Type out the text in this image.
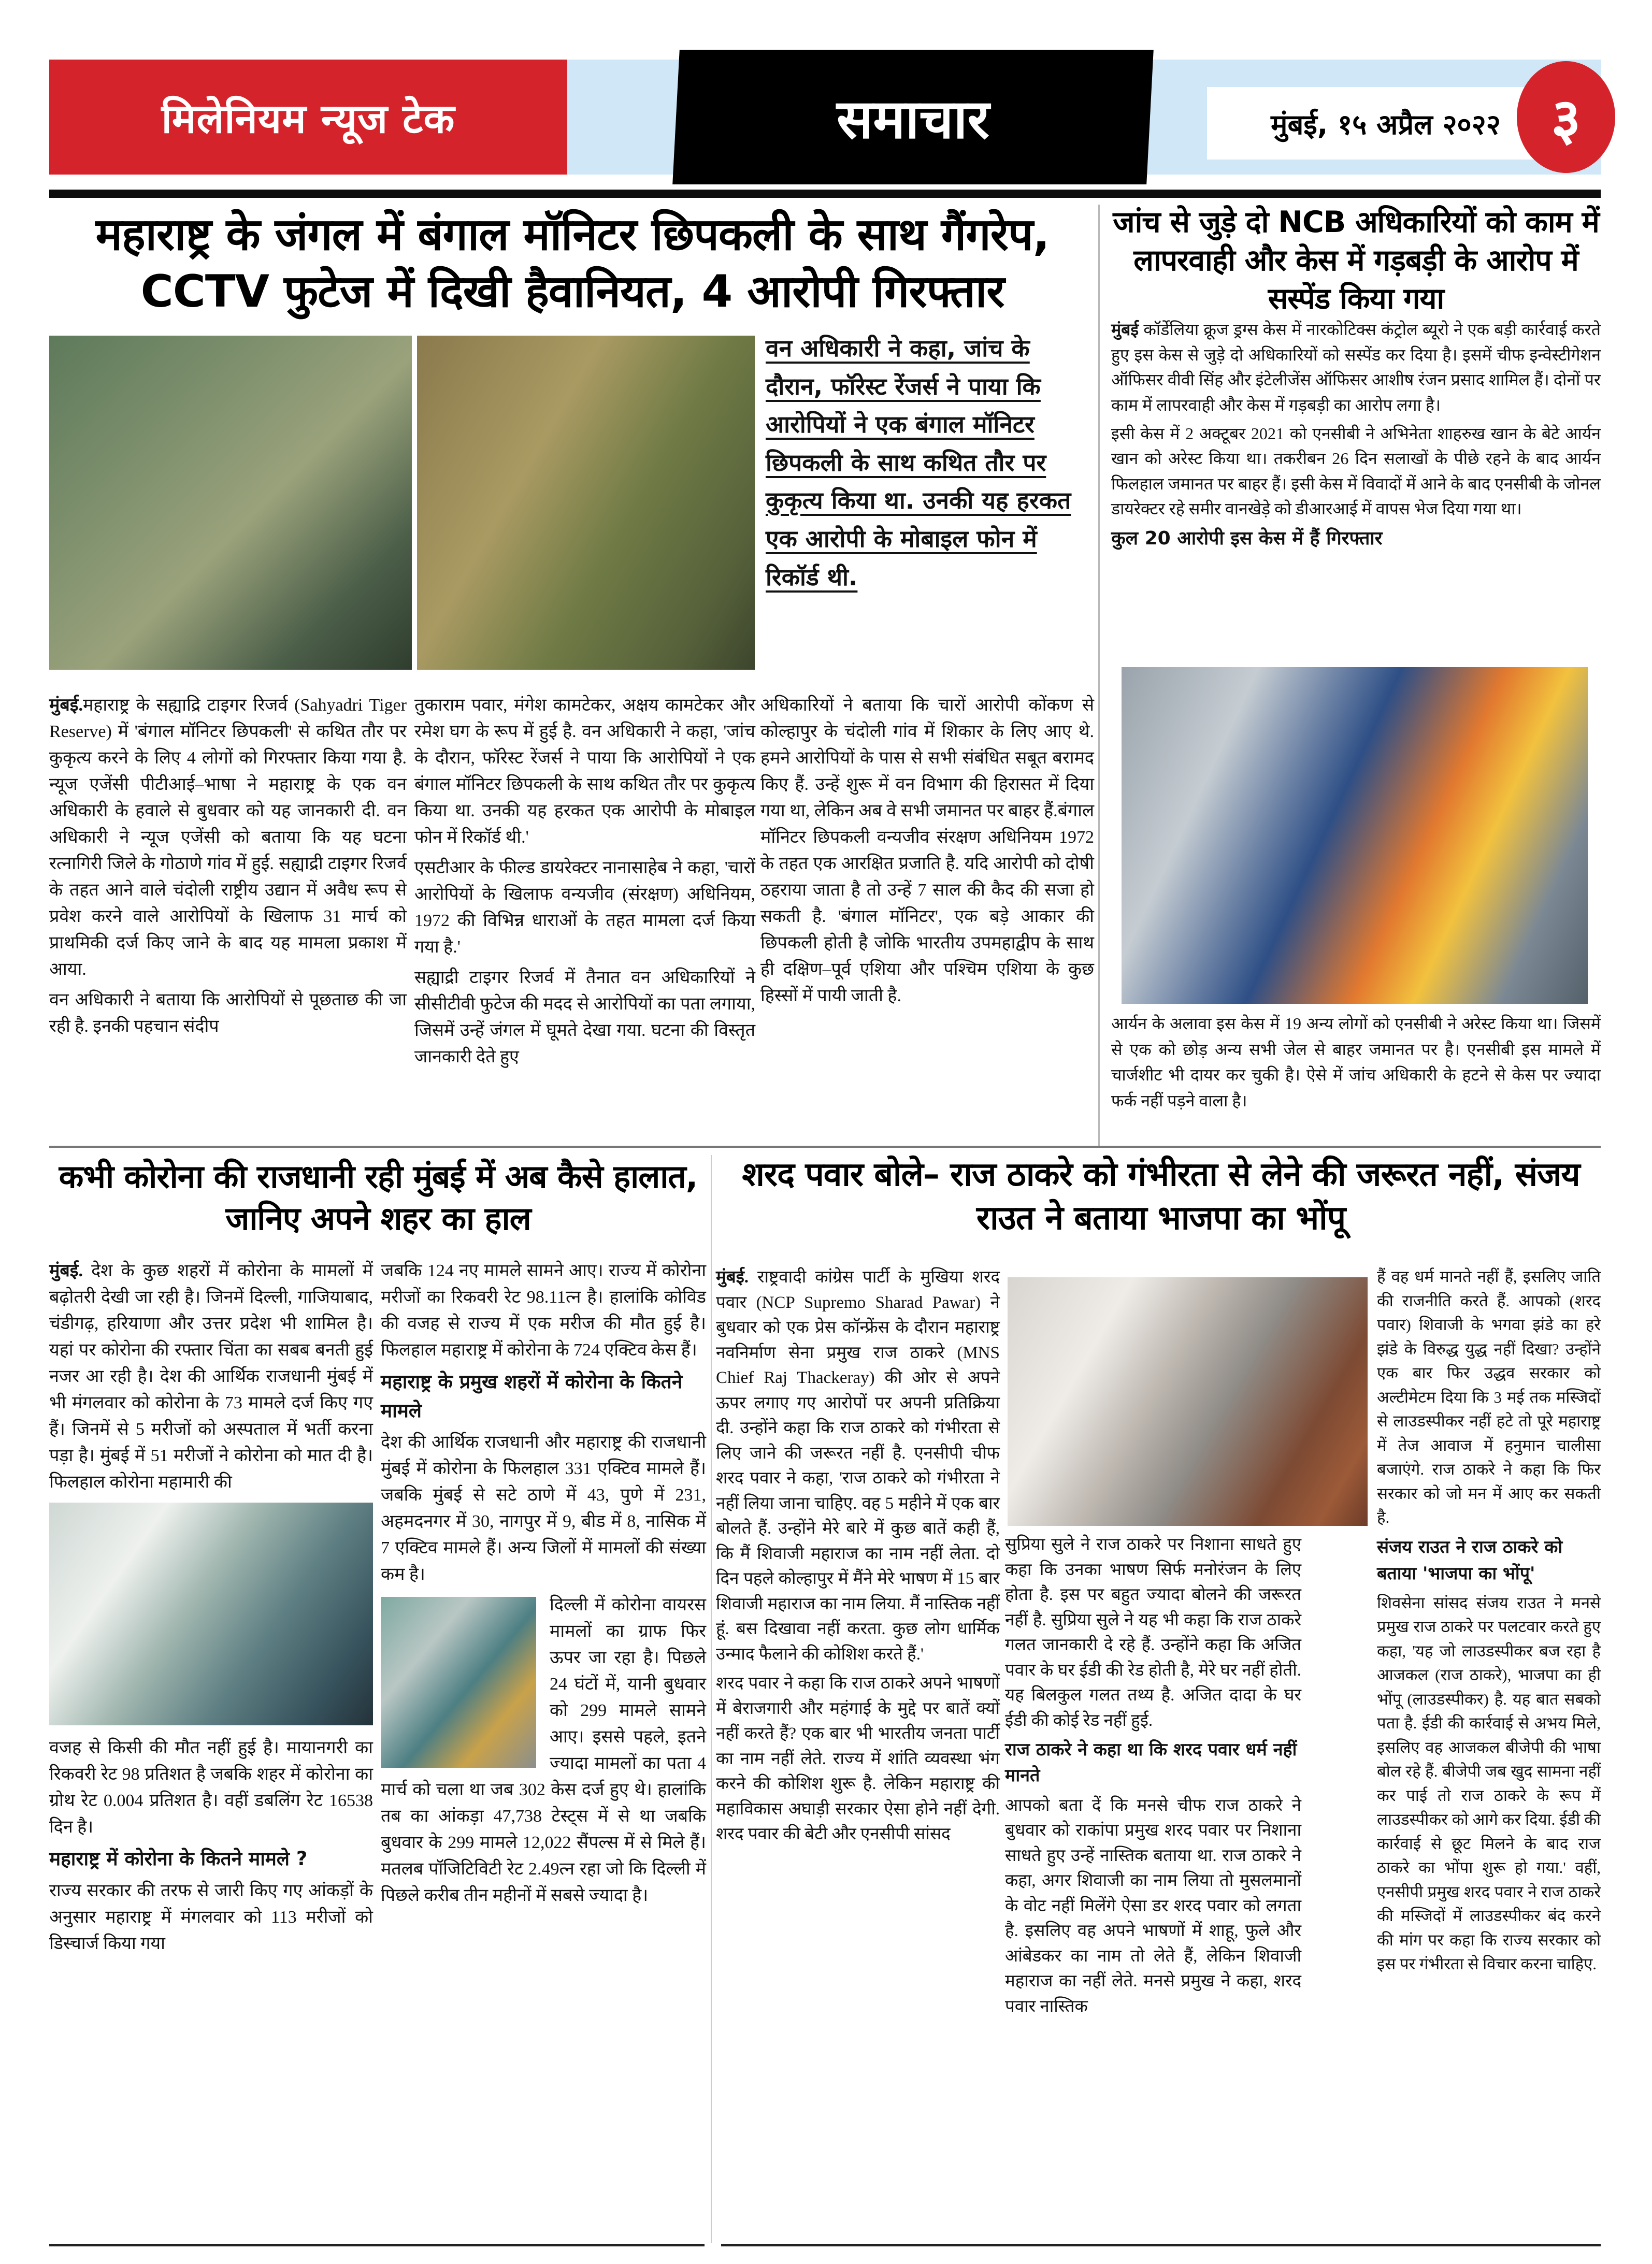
मिलेनियम न्यूज टेक	समाचार	मुंबई, १५ अप्रैल २०२२ ३
महाराष्ट्र के जंगल में बंगाल मॉनिटर छिपकली के साथ गैंगरेप, CCTV फुटेज में दिखी हैवानियत, 4 आरोपी गिरफ्तार
वन अधिकारी ने कहा, जांच के दौरान, फॉरेस्ट रेंजर्स ने पाया कि आरोपियों ने एक बंगाल मॉनिटर छिपकली के साथ कथित तौर पर कुकृत्य किया था. उनकी यह हरकत एक आरोपी के मोबाइल फोन में रिकॉर्ड थी.

मुंबई.महाराष्ट्र के सह्याद्रि टाइगर रिजर्व (Sahyadri Tiger Reserve) में 'बंगाल मॉनिटर छिपकली' से कथित तौर पर कुकृत्य करने के लिए 4 लोगों को गिरफ्तार किया गया है. न्यूज एजेंसी पीटीआई–भाषा ने महाराष्ट्र के एक वन अधिकारी के हवाले से बुधवार को यह जानकारी दी. वन अधिकारी ने न्यूज एजेंसी को बताया कि यह घटना रत्नागिरी जिले के गोठाणे गांव में हुई. सह्याद्री टाइगर रिजर्व के तहत आने वाले चंदोली राष्ट्रीय उद्यान में अवैध रूप से प्रवेश करने वाले आरोपियों के खिलाफ 31 मार्च को प्राथमिकी दर्ज किए जाने के बाद यह मामला प्रकाश में आया.

वन अधिकारी ने बताया कि आरोपियों से पूछताछ की जा रही है. इनकी पहचान संदीप

तुकाराम पवार, मंगेश कामटेकर, अक्षय कामटेकर और रमेश घग के रूप में हुई है. वन अधिकारी ने कहा, 'जांच के दौरान, फॉरेस्ट रेंजर्स ने पाया कि आरोपियों ने एक बंगाल मॉनिटर छिपकली के साथ कथित तौर पर कुकृत्य किया था. उनकी यह हरकत एक आरोपी के मोबाइल फोन में रिकॉर्ड थी.'

एसटीआर के फील्ड डायरेक्टर नानासाहेब ने कहा, 'चारों आरोपियों के खिलाफ वन्यजीव (संरक्षण) अधिनियम, 1972 की विभिन्न धाराओं के तहत मामला दर्ज किया गया है.'

सह्याद्री टाइगर रिजर्व में तैनात वन अधिकारियों ने सीसीटीवी फुटेज की मदद से आरोपियों का पता लगाया, जिसमें उन्हें जंगल में घूमते देखा गया. घटना की विस्तृत जानकारी देते हुए

अधिकारियों ने बताया कि चारों आरोपी कोंकण से कोल्हापुर के चंदोली गांव में शिकार के लिए आए थे. हमने आरोपियों के पास से सभी संबंधित सबूत बरामद किए हैं. उन्हें शुरू में वन विभाग की हिरासत में दिया गया था, लेकिन अब वे सभी जमानत पर बाहर हैं.बंगाल मॉनिटर छिपकली वन्यजीव संरक्षण अधिनियम 1972 के तहत एक आरक्षित प्रजाति है. यदि आरोपी को दोषी ठहराया जाता है तो उन्हें 7 साल की कैद की सजा हो सकती है. 'बंगाल मॉनिटर', एक बड़े आकार की छिपकली होती है जोकि भारतीय उपमहाद्वीप के साथ ही दक्षिण–पूर्व एशिया और पश्चिम एशिया के कुछ हिस्सों में पायी जाती है.

जांच से जुड़े दो NCB अधिकारियों को काम में लापरवाही और केस में गड़बड़ी के आरोप में सस्पेंड किया गया

मुंबई कॉर्डेलिया क्रूज ड्रग्स केस में नारकोटिक्स कंट्रोल ब्यूरो ने एक बड़ी कार्रवाई करते हुए इस केस से जुड़े दो अधिकारियों को सस्पेंड कर दिया है। इसमें चीफ इन्वेस्टीगेशन ऑफिसर वीवी सिंह और इंटेलीजेंस ऑफिसर आशीष रंजन प्रसाद शामिल हैं। दोनों पर काम में लापरवाही और केस में गड़बड़ी का आरोप लगा है।

इसी केस में 2 अक्टूबर 2021 को एनसीबी ने अभिनेता शाहरुख खान के बेटे आर्यन खान को अरेस्ट किया था। तकरीबन 26 दिन सलाखों के पीछे रहने के बाद आर्यन फिलहाल जमानत पर बाहर हैं। इसी केस में विवादों में आने के बाद एनसीबी के जोनल डायरेक्टर रहे समीर वानखेड़े को डीआरआई में वापस भेज दिया गया था।

कुल 20 आरोपी इस केस में हैं गिरफ्तार

आर्यन के अलावा इस केस में 19 अन्य लोगों को एनसीबी ने अरेस्ट किया था। जिसमें से एक को छोड़ अन्य सभी जेल से बाहर जमानत पर है। एनसीबी इस मामले में चार्जशीट भी दायर कर चुकी है। ऐसे में जांच अधिकारी के हटने से केस पर ज्यादा फर्क नहीं पड़ने वाला है।
कभी कोरोना की राजधानी रही मुंबई में अब कैसे हालात, जानिए अपने शहर का हाल

मुंबई. देश के कुछ शहरों में कोरोना के मामलों में बढ़ोतरी देखी जा रही है। जिनमें दिल्ली, गाजियाबाद, चंडीगढ़, हरियाणा और उत्तर प्रदेश भी शामिल है। यहां पर कोरोना की रफ्तार चिंता का सबब बनती हुई नजर आ रही है। देश की आर्थिक राजधानी मुंबई में भी मंगलवार को कोरोना के 73 मामले दर्ज किए गए हैं। जिनमें से 5 मरीजों को अस्पताल में भर्ती करना पड़ा है। मुंबई में 51 मरीजों ने कोरोना को मात दी है। फिलहाल कोरोना महामारी की

वजह से किसी की मौत नहीं हुई है। मायानगरी का रिकवरी रेट 98 प्रतिशत है जबकि शहर में कोरोना का ग्रोथ रेट 0.004 प्रतिशत है। वहीं डबलिंग रेट 16538 दिन है।

महाराष्ट्र में कोरोना के कितने मामले ?

राज्य सरकार की तरफ से जारी किए गए आंकड़ों के अनुसार महाराष्ट्र में मंगलवार को 113 मरीजों को डिस्चार्ज किया गया

जबकि 124 नए मामले सामने आए। राज्य में कोरोना मरीजों का रिकवरी रेट 98.11त्न है। हालांकि कोविड की वजह से राज्य में एक मरीज की मौत हुई है। फिलहाल महाराष्ट्र में कोरोना के 724 एक्टिव केस हैं।

महाराष्ट्र के प्रमुख शहरों में कोरोना के कितने मामले

देश की आर्थिक राजधानी और महाराष्ट्र की राजधानी मुंबई में कोरोना के फिलहाल 331 एक्टिव मामले हैं। जबकि मुंबई से सटे ठाणे में 43, पुणे में 231, अहमदनगर में 30, नागपुर में 9, बीड में 8, नासिक में 7 एक्टिव मामले हैं। अन्य जिलों में मामलों की संख्या कम है।

दिल्ली में कोरोना वायरस मामलों का ग्राफ फिर ऊपर जा रहा है। पिछले 24 घंटों में, यानी बुधवार को 299 मामले सामने आए। इससे पहले, इतने ज्यादा मामलों का पता 4 मार्च को चला था जब 302 केस दर्ज हुए थे। हालांकि तब का आंकड़ा 47,738 टेस्ट्स में से था जबकि बुधवार के 299 मामले 12,022 सैंपल्स में से मिले हैं। मतलब पॉजिटिविटी रेट 2.49त्न रहा जो कि दिल्ली में पिछले करीब तीन महीनों में सबसे ज्यादा है।

शरद पवार बोले– राज ठाकरे को गंभीरता से लेने की जरूरत नहीं, संजय राउत ने बताया भाजपा का भोंपू

मुंबई. राष्ट्रवादी कांग्रेस पार्टी के मुखिया शरद पवार (NCP Supremo Sharad Pawar) ने बुधवार को एक प्रेस कॉन्फ्रेंस के दौरान महाराष्ट्र नवनिर्माण सेना प्रमुख राज ठाकरे (MNS Chief Raj Thackeray) की ओर से अपने ऊपर लगाए गए आरोपों पर अपनी प्रतिक्रिया दी. उन्होंने कहा कि राज ठाकरे को गंभीरता से लिए जाने की जरूरत नहीं है. एनसीपी चीफ शरद पवार ने कहा, 'राज ठाकरे को गंभीरता ने नहीं लिया जाना चाहिए. वह 5 महीने में एक बार बोलते हैं. उन्होंने मेरे बारे में कुछ बातें कही हैं, कि मैं शिवाजी महाराज का नाम नहीं लेता. दो दिन पहले कोल्हापुर में मैंने मेरे भाषण में 15 बार शिवाजी महाराज का नाम लिया. मैं नास्तिक नहीं हूं. बस दिखावा नहीं करता. कुछ लोग धार्मिक उन्माद फैलाने की कोशिश करते हैं.'

शरद पवार ने कहा कि राज ठाकरे अपने भाषणों में बेराजगारी और महंगाई के मुद्दे पर बातें क्यों नहीं करते हैं? एक बार भी भारतीय जनता पार्टी का नाम नहीं लेते. राज्य में शांति व्यवस्था भंग करने की कोशिश शुरू है. लेकिन महाराष्ट्र की महाविकास अघाड़ी सरकार ऐसा होने नहीं देगी. शरद पवार की बेटी और एनसीपी सांसद

सुप्रिया सुले ने राज ठाकरे पर निशाना साधते हुए कहा कि उनका भाषण सिर्फ मनोरंजन के लिए होता है. इस पर बहुत ज्यादा बोलने की जरूरत नहीं है. सुप्रिया सुले ने यह भी कहा कि राज ठाकरे गलत जानकारी दे रहे हैं. उन्होंने कहा कि अजित पवार के घर ईडी की रेड होती है, मेरे घर नहीं होती. यह बिलकुल गलत तथ्य है. अजित दादा के घर ईडी की कोई रेड नहीं हुई.

राज ठाकरे ने कहा था कि शरद पवार धर्म नहीं मानते

आपको बता दें कि मनसे चीफ राज ठाकरे ने बुधवार को राकांपा प्रमुख शरद पवार पर निशाना साधते हुए उन्हें नास्तिक बताया था. राज ठाकरे ने कहा, अगर शिवाजी का नाम लिया तो मुसलमानों के वोट नहीं मिलेंगे ऐसा डर शरद पवार को लगता है. इसलिए वह अपने भाषणों में शाहू, फुले और आंबेडकर का नाम तो लेते हैं, लेकिन शिवाजी महाराज का नहीं लेते. मनसे प्रमुख ने कहा, शरद पवार नास्तिक

हैं वह धर्म मानते नहीं हैं, इसलिए जाति की राजनीति करते हैं. आपको (शरद पवार) शिवाजी के भगवा झंडे का हरे झंडे के विरुद्ध युद्ध नहीं दिखा? उन्होंने एक बार फिर उद्धव सरकार को अल्टीमेटम दिया कि 3 मई तक मस्जिदों से लाउडस्पीकर नहीं हटे तो पूरे महाराष्ट्र में तेज आवाज में हनुमान चालीसा बजाएंगे. राज ठाकरे ने कहा कि फिर सरकार को जो मन में आए कर सकती है.

संजय राउत ने राज ठाकरे को बताया 'भाजपा का भोंपू'

शिवसेना सांसद संजय राउत ने मनसे प्रमुख राज ठाकरे पर पलटवार करते हुए कहा, 'यह जो लाउडस्पीकर बज रहा है आजकल (राज ठाकरे), भाजपा का ही भोंपू (लाउडस्पीकर) है. यह बात सबको पता है. ईडी की कार्रवाई से अभय मिले, इसलिए वह आजकल बीजेपी की भाषा बोल रहे हैं. बीजेपी जब खुद सामना नहीं कर पाई तो राज ठाकरे के रूप में लाउडस्पीकर को आगे कर दिया. ईडी की कार्रवाई से छूट मिलने के बाद राज ठाकरे का भोंपा शुरू हो गया.' वहीं, एनसीपी प्रमुख शरद पवार ने राज ठाकरे की मस्जिदों में लाउडस्पीकर बंद करने की मांग पर कहा कि राज्य सरकार को इस पर गंभीरता से विचार करना चाहिए.
